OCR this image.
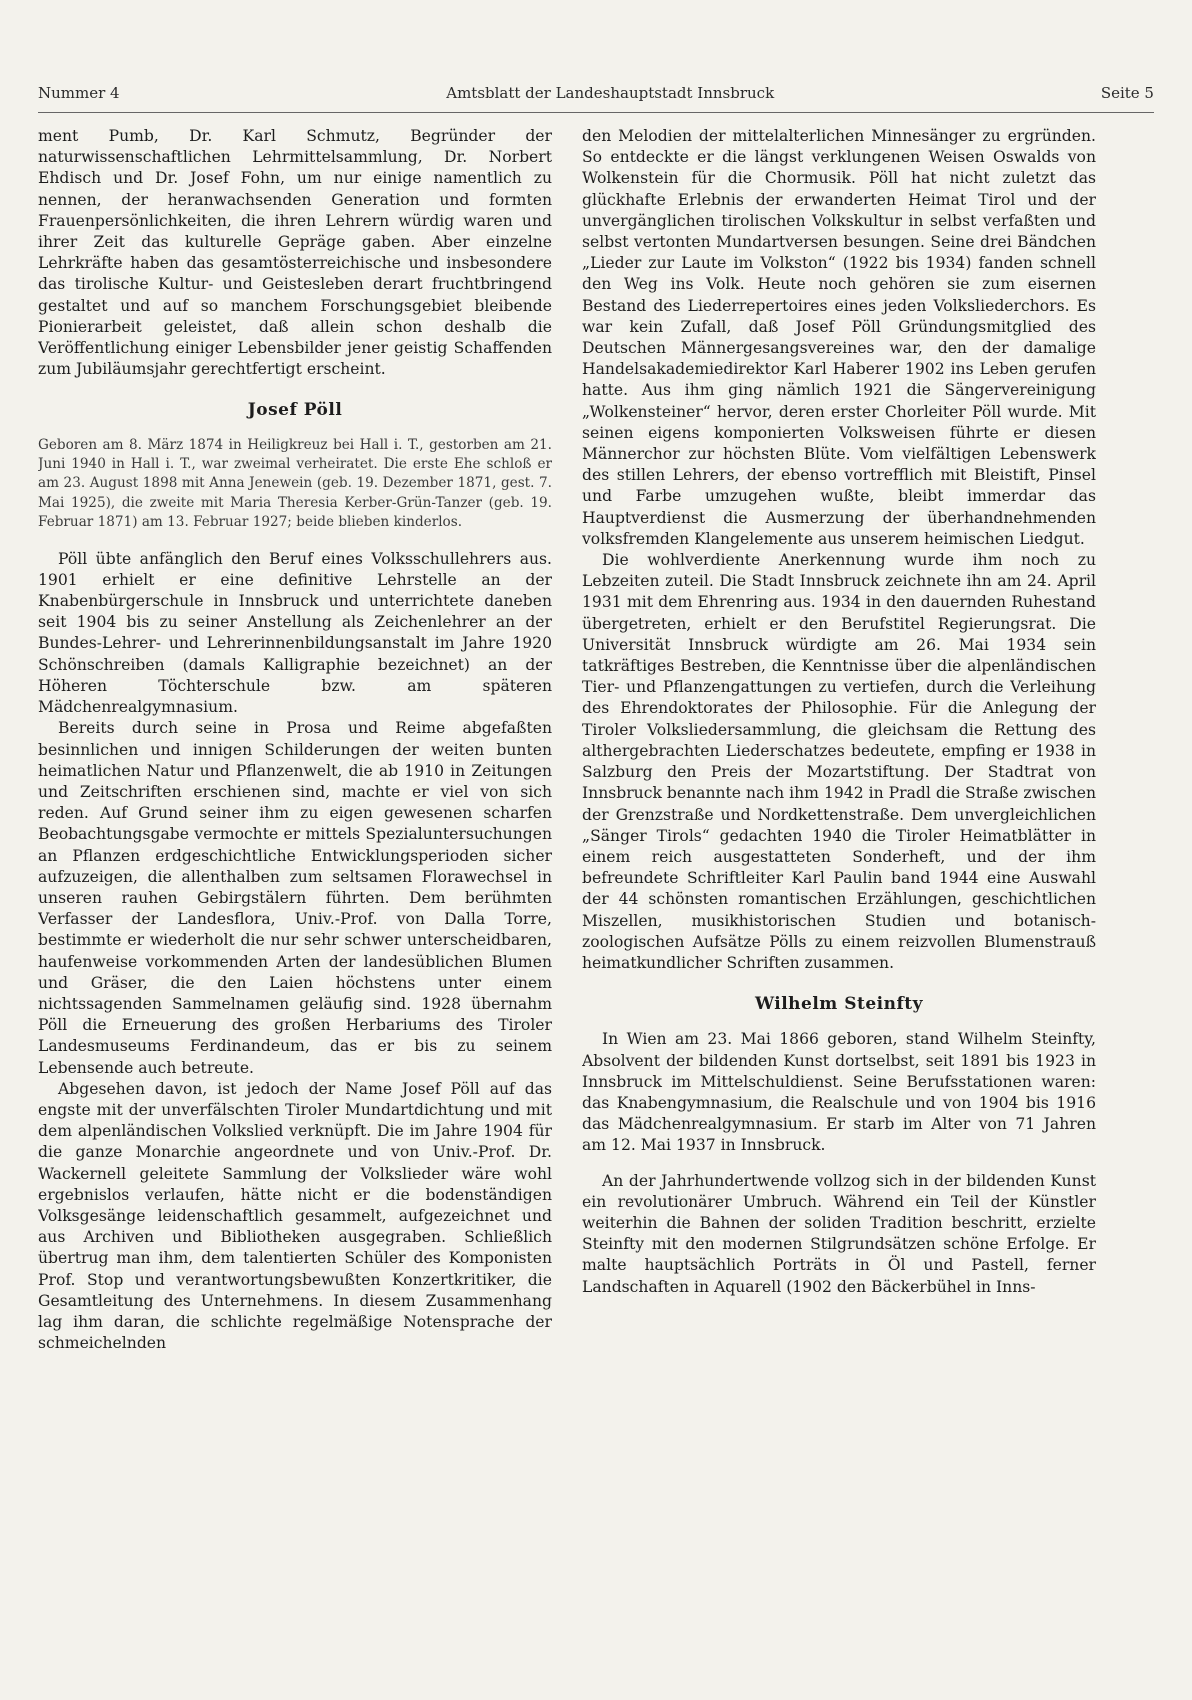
Nummer 4	Amtsblatt der Landeshauptstadt Innsbruck	Seite 5

ment Pumb, Dr. Karl Schmutz, Begründer der naturwissenschaftlichen Lehrmittelsammlung, Dr. Norbert Ehdisch und Dr. Josef Fohn, um nur einige namentlich zu nennen, der heranwachsenden Generation und formten Frauenpersönlichkeiten, die ihren Lehrern würdig waren und ihrer Zeit das kulturelle Gepräge gaben. Aber einzelne Lehrkräfte haben das gesamtösterreichische und insbesondere das tirolische Kultur- und Geistesleben derart fruchtbringend gestaltet und auf so manchem Forschungsgebiet bleibende Pionierarbeit geleistet, daß allein schon deshalb die Veröffentlichung einiger Lebensbilder jener geistig Schaffenden zum Jubiläumsjahr gerechtfertigt erscheint.

Josef Pöll

Geboren am 8. März 1874 in Heiligkreuz bei Hall i. T., gestorben am 21. Juni 1940 in Hall i. T., war zweimal verheiratet. Die erste Ehe schloß er am 23. August 1898 mit Anna Jenewein (geb. 19. Dezember 1871, gest. 7. Mai 1925), die zweite mit Maria Theresia Kerber-Grün-Tanzer (geb. 19. Februar 1871) am 13. Februar 1927; beide blieben kinderlos.

Pöll übte anfänglich den Beruf eines Volksschullehrers aus. 1901 erhielt er eine definitive Lehrstelle an der Knabenbürgerschule in Innsbruck und unterrichtete daneben seit 1904 bis zu seiner Anstellung als Zeichenlehrer an der Bundes-Lehrer- und Lehrerinnenbildungsanstalt im Jahre 1920 Schönschreiben (damals Kalligraphie bezeichnet) an der Höheren Töchterschule bzw. am späteren Mädchenrealgymnasium.

Bereits durch seine in Prosa und Reime abgefaßten besinnlichen und innigen Schilderungen der weiten bunten heimatlichen Natur und Pflanzenwelt, die ab 1910 in Zeitungen und Zeitschriften erschienen sind, machte er viel von sich reden. Auf Grund seiner ihm zu eigen gewesenen scharfen Beobachtungsgabe vermochte er mittels Spezialuntersuchungen an Pflanzen erdgeschichtliche Entwicklungsperioden sicher aufzuzeigen, die allenthalben zum seltsamen Florawechsel in unseren rauhen Gebirgstälern führten. Dem berühmten Verfasser der Landesflora, Univ.-Prof. von Dalla Torre, bestimmte er wiederholt die nur sehr schwer unterscheidbaren, haufenweise vorkommenden Arten der landesüblichen Blumen und Gräser, die den Laien höchstens unter einem nichtssagenden Sammelnamen geläufig sind. 1928 übernahm Pöll die Erneuerung des großen Herbariums des Tiroler Landesmuseums Ferdinandeum, das er bis zu seinem Lebensende auch betreute.

Abgesehen davon, ist jedoch der Name Josef Pöll auf das engste mit der unverfälschten Tiroler Mundartdichtung und mit dem alpenländischen Volkslied verknüpft. Die im Jahre 1904 für die ganze Monarchie angeordnete und von Univ.-Prof. Dr. Wackernell geleitete Sammlung der Volkslieder wäre wohl ergebnislos verlaufen, hätte nicht er die bodenständigen Volksgesänge leidenschaftlich gesammelt, aufgezeichnet und aus Archiven und Bibliotheken ausgegraben. Schließlich übertrug man ihm, dem talentierten Schüler des Komponisten Prof. Stop und verantwortungsbewußten Konzertkritiker, die Gesamtleitung des Unternehmens. In diesem Zusammenhang lag ihm daran, die schlichte regelmäßige Notensprache der schmeichelnden

den Melodien der mittelalterlichen Minnesänger zu ergründen. So entdeckte er die längst verklungenen Weisen Oswalds von Wolkenstein für die Chormusik. Pöll hat nicht zuletzt das glückhafte Erlebnis der erwanderten Heimat Tirol und der unvergänglichen tirolischen Volkskultur in selbst verfaßten und selbst vertonten Mundartversen besungen. Seine drei Bändchen „Lieder zur Laute im Volkston“ (1922 bis 1934) fanden schnell den Weg ins Volk. Heute noch gehören sie zum eisernen Bestand des Liederrepertoires eines jeden Volksliederchors. Es war kein Zufall, daß Josef Pöll Gründungsmitglied des Deutschen Männergesangsvereines war, den der damalige Handelsakademiedirektor Karl Haberer 1902 ins Leben gerufen hatte. Aus ihm ging nämlich 1921 die Sängervereinigung „Wolkensteiner“ hervor, deren erster Chorleiter Pöll wurde. Mit seinen eigens komponierten Volksweisen führte er diesen Männerchor zur höchsten Blüte. Vom vielfältigen Lebenswerk des stillen Lehrers, der ebenso vortrefflich mit Bleistift, Pinsel und Farbe umzugehen wußte, bleibt immerdar das Hauptverdienst die Ausmerzung der überhandnehmenden volksfremden Klangelemente aus unserem heimischen Liedgut.

Die wohlverdiente Anerkennung wurde ihm noch zu Lebzeiten zuteil. Die Stadt Innsbruck zeichnete ihn am 24. April 1931 mit dem Ehrenring aus. 1934 in den dauernden Ruhestand übergetreten, erhielt er den Berufstitel Regierungsrat. Die Universität Innsbruck würdigte am 26. Mai 1934 sein tatkräftiges Bestreben, die Kenntnisse über die alpenländischen Tier- und Pflanzengattungen zu vertiefen, durch die Verleihung des Ehrendoktorates der Philosophie. Für die Anlegung der Tiroler Volksliedersammlung, die gleichsam die Rettung des althergebrachten Liederschatzes bedeutete, empfing er 1938 in Salzburg den Preis der Mozartstiftung. Der Stadtrat von Innsbruck benannte nach ihm 1942 in Pradl die Straße zwischen der Grenzstraße und Nordkettenstraße. Dem unvergleichlichen „Sänger Tirols“ gedachten 1940 die Tiroler Heimatblätter in einem reich ausgestatteten Sonderheft, und der ihm befreundete Schriftleiter Karl Paulin band 1944 eine Auswahl der 44 schönsten romantischen Erzählungen, geschichtlichen Miszellen, musikhistorischen Studien und botanisch-zoologischen Aufsätze Pölls zu einem reizvollen Blumenstrauß heimatkundlicher Schriften zusammen.

Wilhelm Steinfty

In Wien am 23. Mai 1866 geboren, stand Wilhelm Steinfty, Absolvent der bildenden Kunst dortselbst, seit 1891 bis 1923 in Innsbruck im Mittelschuldienst. Seine Berufsstationen waren: das Knabengymnasium, die Realschule und von 1904 bis 1916 das Mädchenrealgymnasium. Er starb im Alter von 71 Jahren am 12. Mai 1937 in Innsbruck.

An der Jahrhundertwende vollzog sich in der bildenden Kunst ein revolutionärer Umbruch. Während ein Teil der Künstler weiterhin die Bahnen der soliden Tradition beschritt, erzielte Steinfty mit den modernen Stilgrundsätzen schöne Erfolge. Er malte hauptsächlich Porträts in Öl und Pastell, ferner Landschaften in Aquarell (1902 den Bäckerbühel in Inns-
